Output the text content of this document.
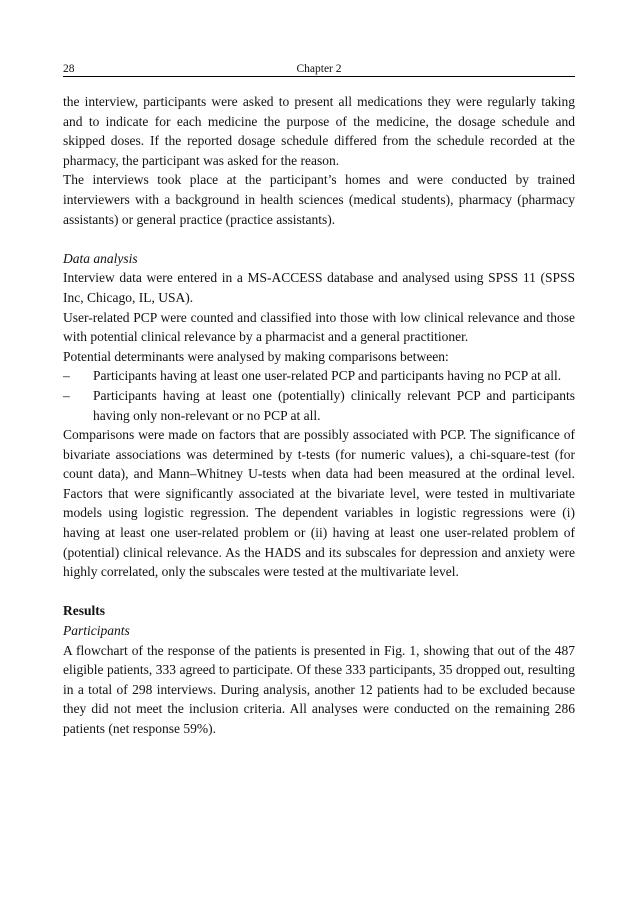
28	Chapter 2

the interview, participants were asked to present all medications they were regularly taking and to indicate for each medicine the purpose of the medicine, the dosage schedule and skipped doses. If the reported dosage schedule differed from the schedule recorded at the pharmacy, the participant was asked for the reason.

The interviews took place at the participant’s homes and were conducted by trained interviewers with a background in health sciences (medical students), pharmacy (pharmacy assistants) or general practice (practice assistants).

Data analysis

Interview data were entered in a MS-ACCESS database and analysed using SPSS 11 (SPSS Inc, Chicago, IL, USA).

User-related PCP were counted and classified into those with low clinical relevance and those with potential clinical relevance by a pharmacist and a general practitioner.

Potential determinants were analysed by making comparisons between:

– Participants having at least one user-related PCP and participants having no PCP at all.
– Participants having at least one (potentially) clinically relevant PCP and participants having only non-relevant or no PCP at all.

Comparisons were made on factors that are possibly associated with PCP. The significance of bivariate associations was determined by t-tests (for numeric values), a chi-square-test (for count data), and Mann–Whitney U-tests when data had been measured at the ordinal level. Factors that were significantly associated at the bivariate level, were tested in multivariate models using logistic regression. The dependent variables in logistic regressions were (i) having at least one user-related problem or (ii) having at least one user-related problem of (potential) clinical relevance. As the HADS and its subscales for depression and anxiety were highly correlated, only the subscales were tested at the multivariate level.

Results

Participants

A flowchart of the response of the patients is presented in Fig. 1, showing that out of the 487 eligible patients, 333 agreed to participate. Of these 333 participants, 35 dropped out, resulting in a total of 298 interviews. During analysis, another 12 patients had to be excluded because they did not meet the inclusion criteria. All analyses were conducted on the remaining 286 patients (net response 59%).
